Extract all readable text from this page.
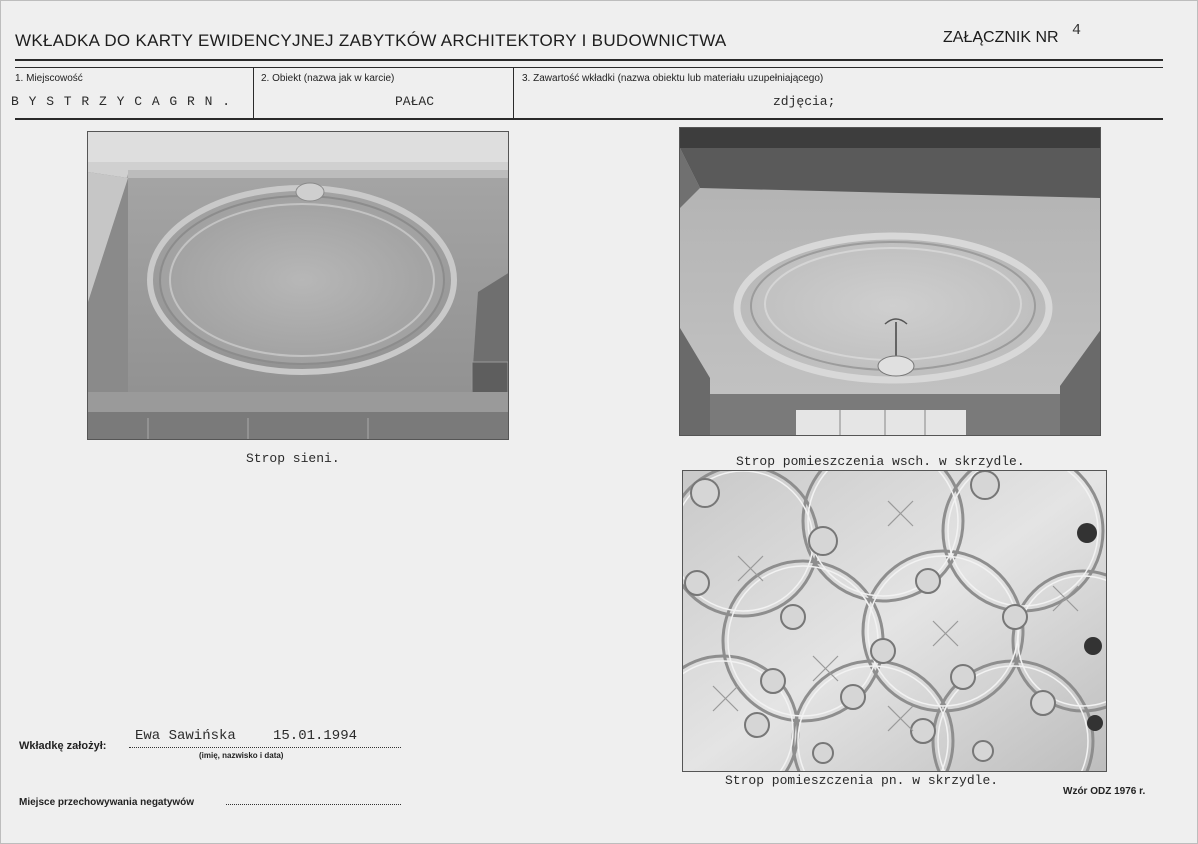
WKŁADKA DO KARTY EWIDENCYJNEJ ZABYTKÓW ARCHITEKTORY I BUDOWNICTWA	ZAŁĄCZNIK NR 4
1. Miejscowość
B Y S T R Z Y C A G R N .
2. Obiekt (nazwa jak w karcie)
PAŁAC
3. Zawartość wkładki (nazwa obiektu lub materiału uzupełniającego)
zdjęcia;
Strop sieni.	Strop pomieszczenia wsch. w skrzydle.
Strop pomieszczenia pn. w skrzydle.
Wkładkę założył:
Ewa Sawińska	15.01.1994
(imię, nazwisko i data)
Miejsce przechowywania negatywów
Wzór ODZ 1976 r.
